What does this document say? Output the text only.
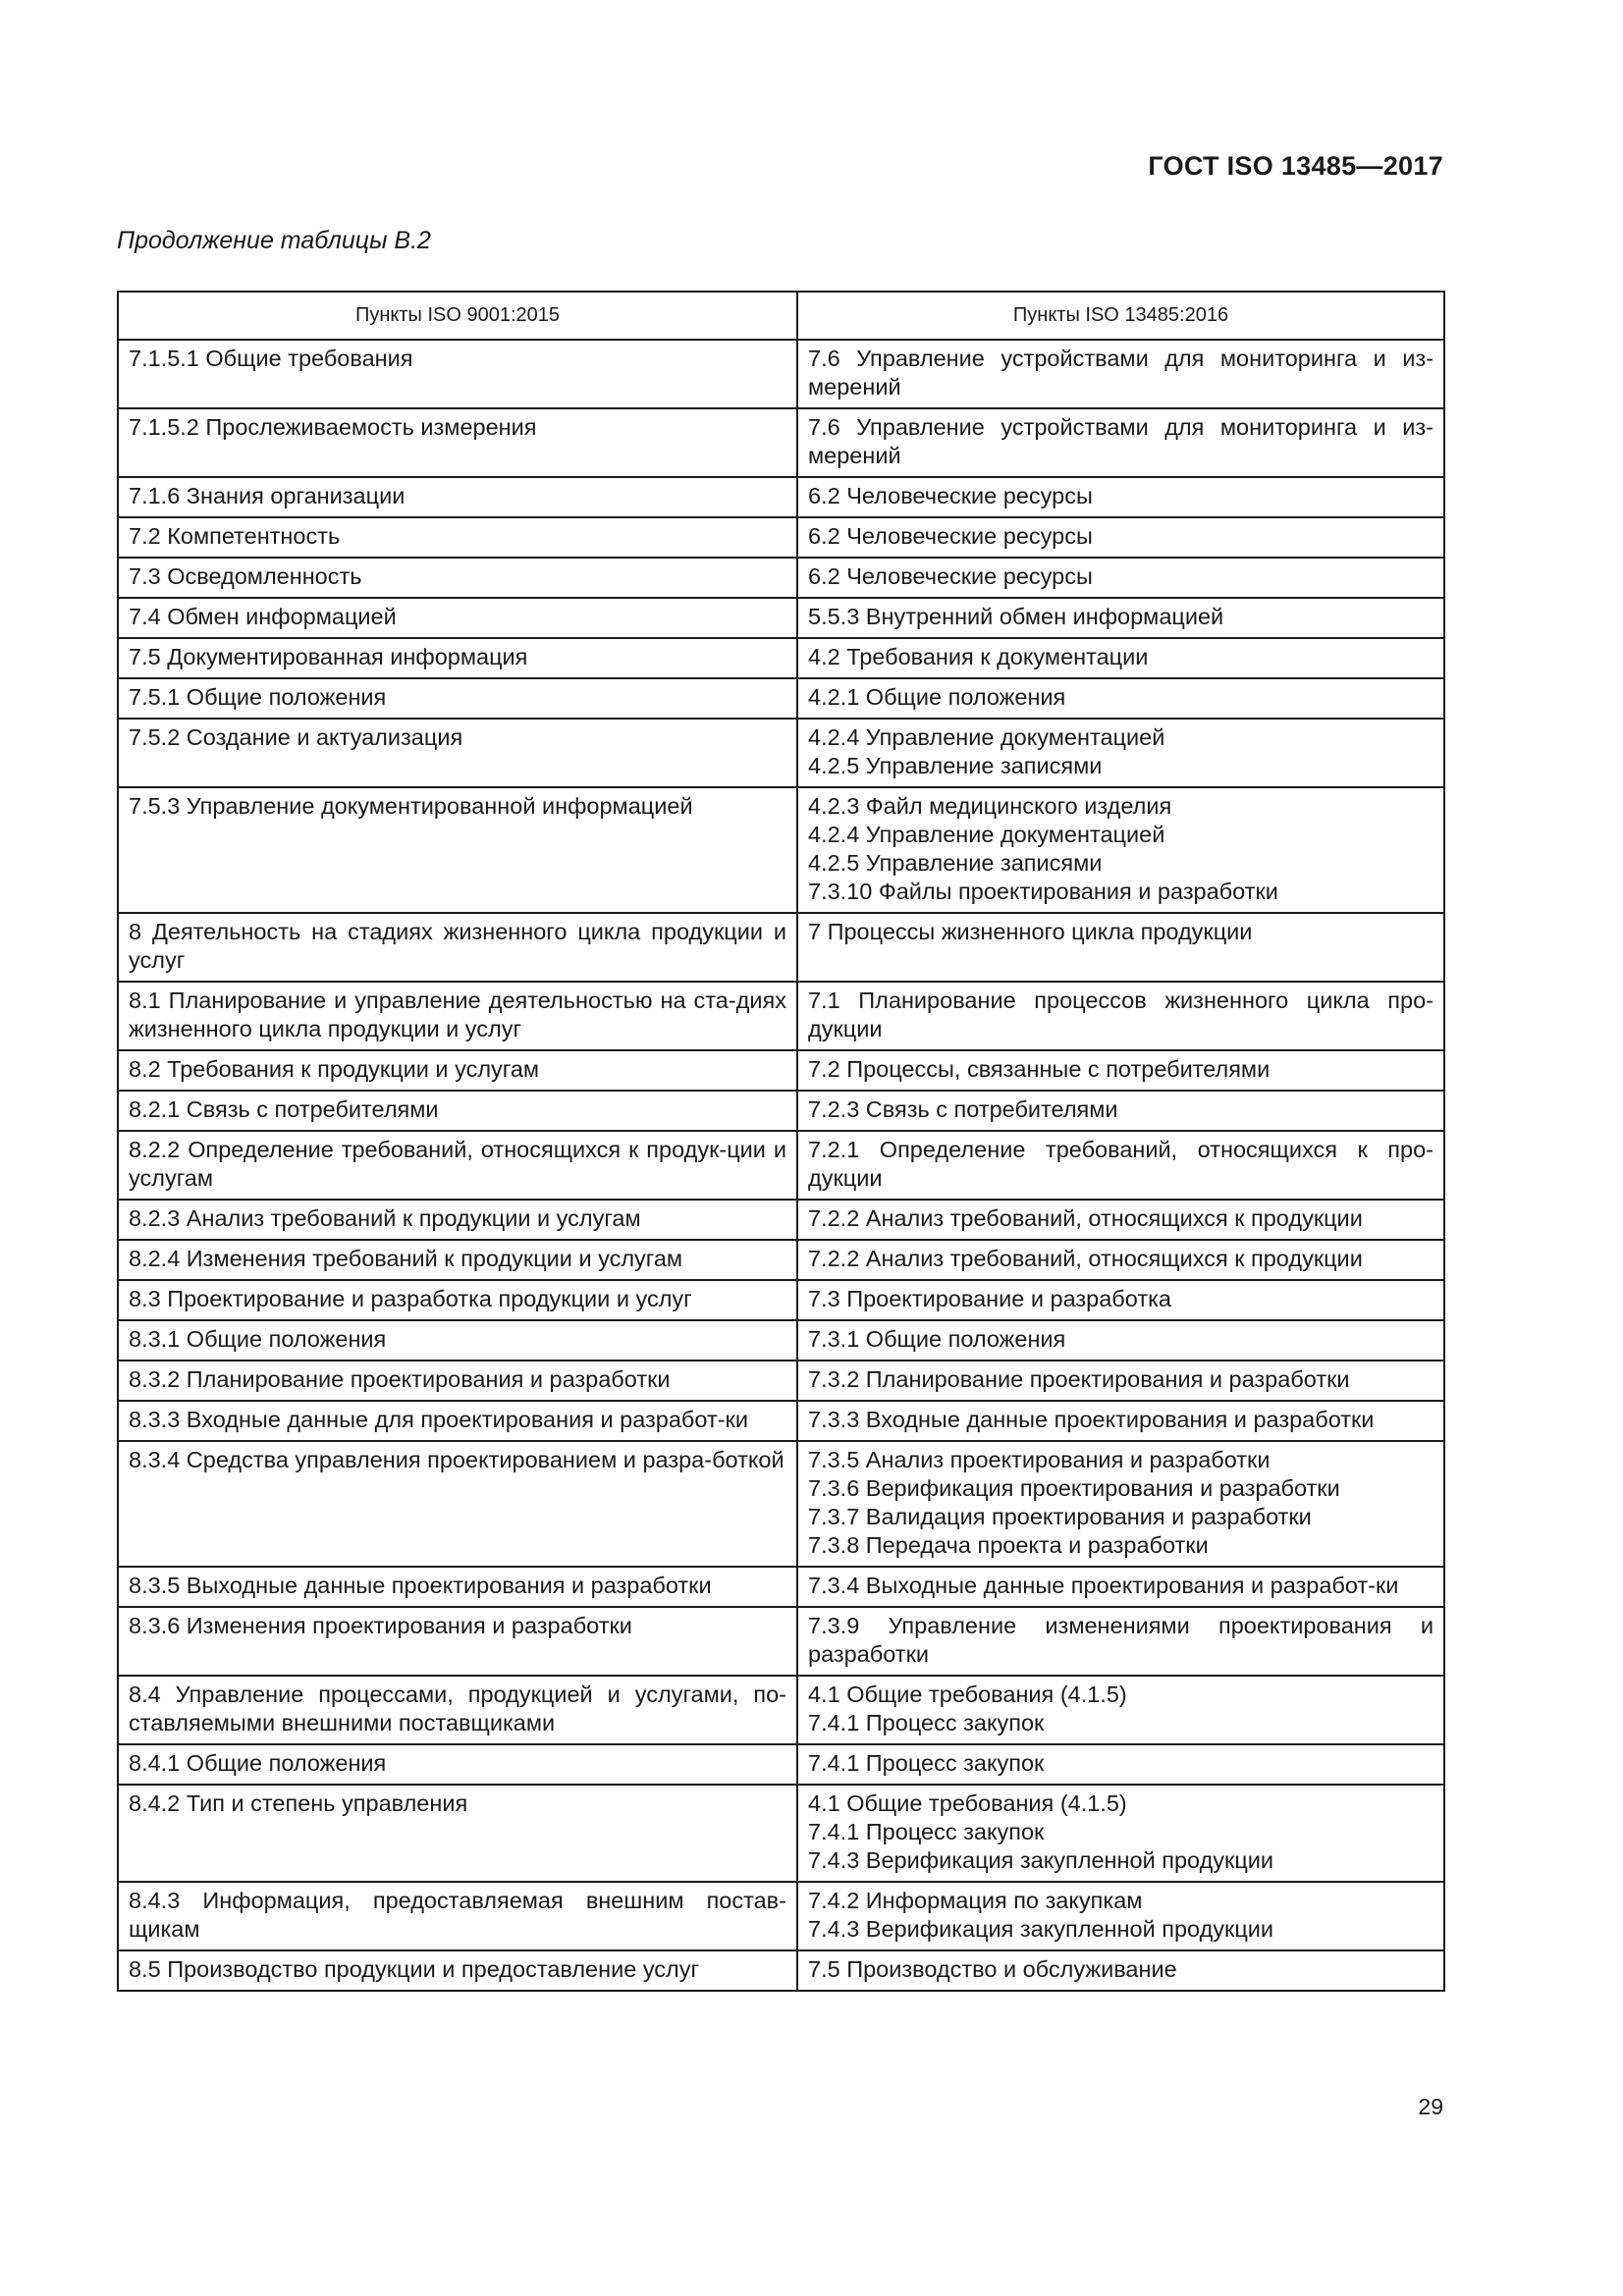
ГОСТ ISO 13485—2017
Продолжение таблицы В.2
Пункты ISO 9001:2015	Пункты ISO 13485:2016

7.1.5.1 Общие требования	7.6 Управление устройствами для мониторинга и из-мерений

7.1.5.2 Прослеживаемость измерения	7.6 Управление устройствами для мониторинга и из-мерений

7.1.6 Знания организации	6.2 Человеческие ресурсы

7.2 Компетентность	6.2 Человеческие ресурсы

7.3 Осведомленность	6.2 Человеческие ресурсы

7.4 Обмен информацией	5.5.3 Внутренний обмен информацией

7.5 Документированная информация	4.2 Требования к документации

7.5.1 Общие положения	4.2.1 Общие положения

7.5.2 Создание и актуализация	4.2.4 Управление документацией
4.2.5 Управление записями

7.5.3 Управление документированной информацией	4.2.3 Файл медицинского изделия
4.2.4 Управление документацией
4.2.5 Управление записями
7.3.10 Файлы проектирования и разработки

8 Деятельность на стадиях жизненного цикла продукции и услуг	7 Процессы жизненного цикла продукции

8.1 Планирование и управление деятельностью на ста-диях жизненного цикла продукции и услуг	7.1 Планирование процессов жизненного цикла про-дукции

8.2 Требования к продукции и услугам	7.2 Процессы, связанные с потребителями

8.2.1 Связь с потребителями	7.2.3 Связь с потребителями

8.2.2 Определение требований, относящихся к продук-ции и услугам	7.2.1 Определение требований, относящихся к про-дукции

8.2.3 Анализ требований к продукции и услугам	7.2.2 Анализ требований, относящихся к продукции

8.2.4 Изменения требований к продукции и услугам	7.2.2 Анализ требований, относящихся к продукции

8.3 Проектирование и разработка продукции и услуг	7.3 Проектирование и разработка

8.3.1 Общие положения	7.3.1 Общие положения

8.3.2 Планирование проектирования и разработки	7.3.2 Планирование проектирования и разработки

8.3.3 Входные данные для проектирования и разработ-ки	7.3.3 Входные данные проектирования и разработки

8.3.4 Средства управления проектированием и разра-боткой	7.3.5 Анализ проектирования и разработки
7.3.6 Верификация проектирования и разработки
7.3.7 Валидация проектирования и разработки
7.3.8 Передача проекта и разработки

8.3.5 Выходные данные проектирования и разработки	7.3.4 Выходные данные проектирования и разработ-ки

8.3.6 Изменения проектирования и разработки	7.3.9 Управление изменениями проектирования и разработки

8.4 Управление процессами, продукцией и услугами, по-ставляемыми внешними поставщиками	4.1 Общие требования (4.1.5)
7.4.1 Процесс закупок

8.4.1 Общие положения	7.4.1 Процесс закупок

8.4.2 Тип и степень управления	4.1 Общие требования (4.1.5)
7.4.1 Процесс закупок
7.4.3 Верификация закупленной продукции

8.4.3 Информация, предоставляемая внешним постав-щикам	7.4.2 Информация по закупкам
7.4.3 Верификация закупленной продукции

8.5 Производство продукции и предоставление услуг	7.5 Производство и обслуживание
29
